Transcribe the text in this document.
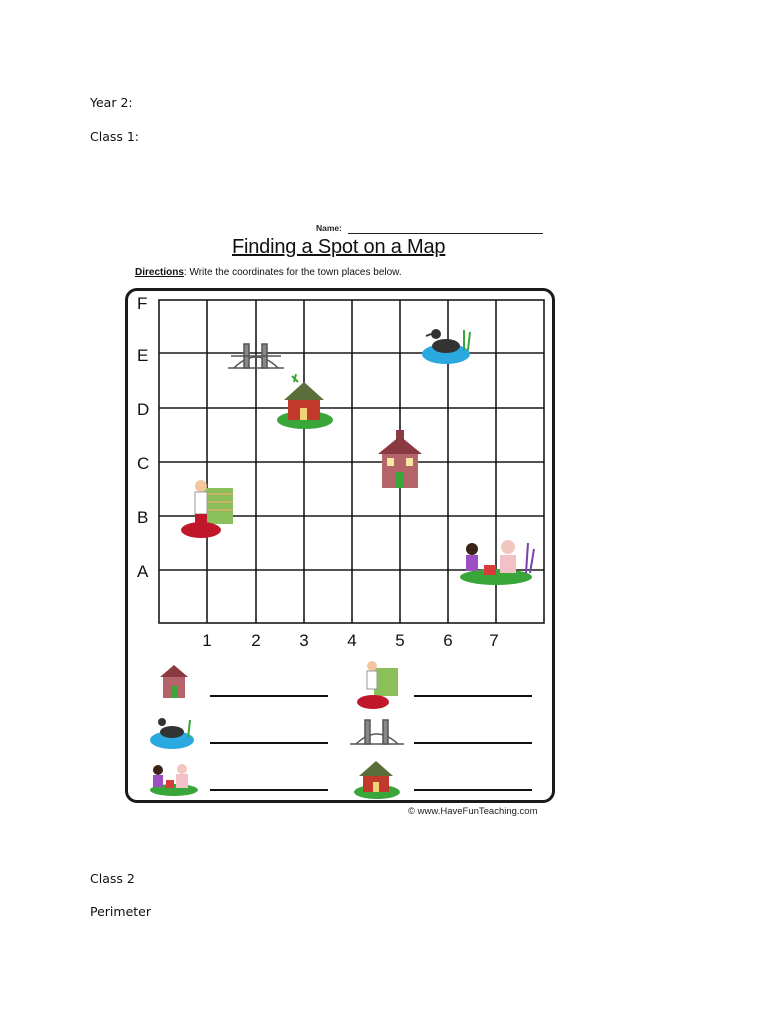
Year 2:
Class 1:
Class 2
Perimeter
Name:
Finding a Spot on a Map
Directions: Write the coordinates for the town places below.
F
E
D
C
B
A
1	2	3	4	5	6	7
© www.HaveFunTeaching.com
